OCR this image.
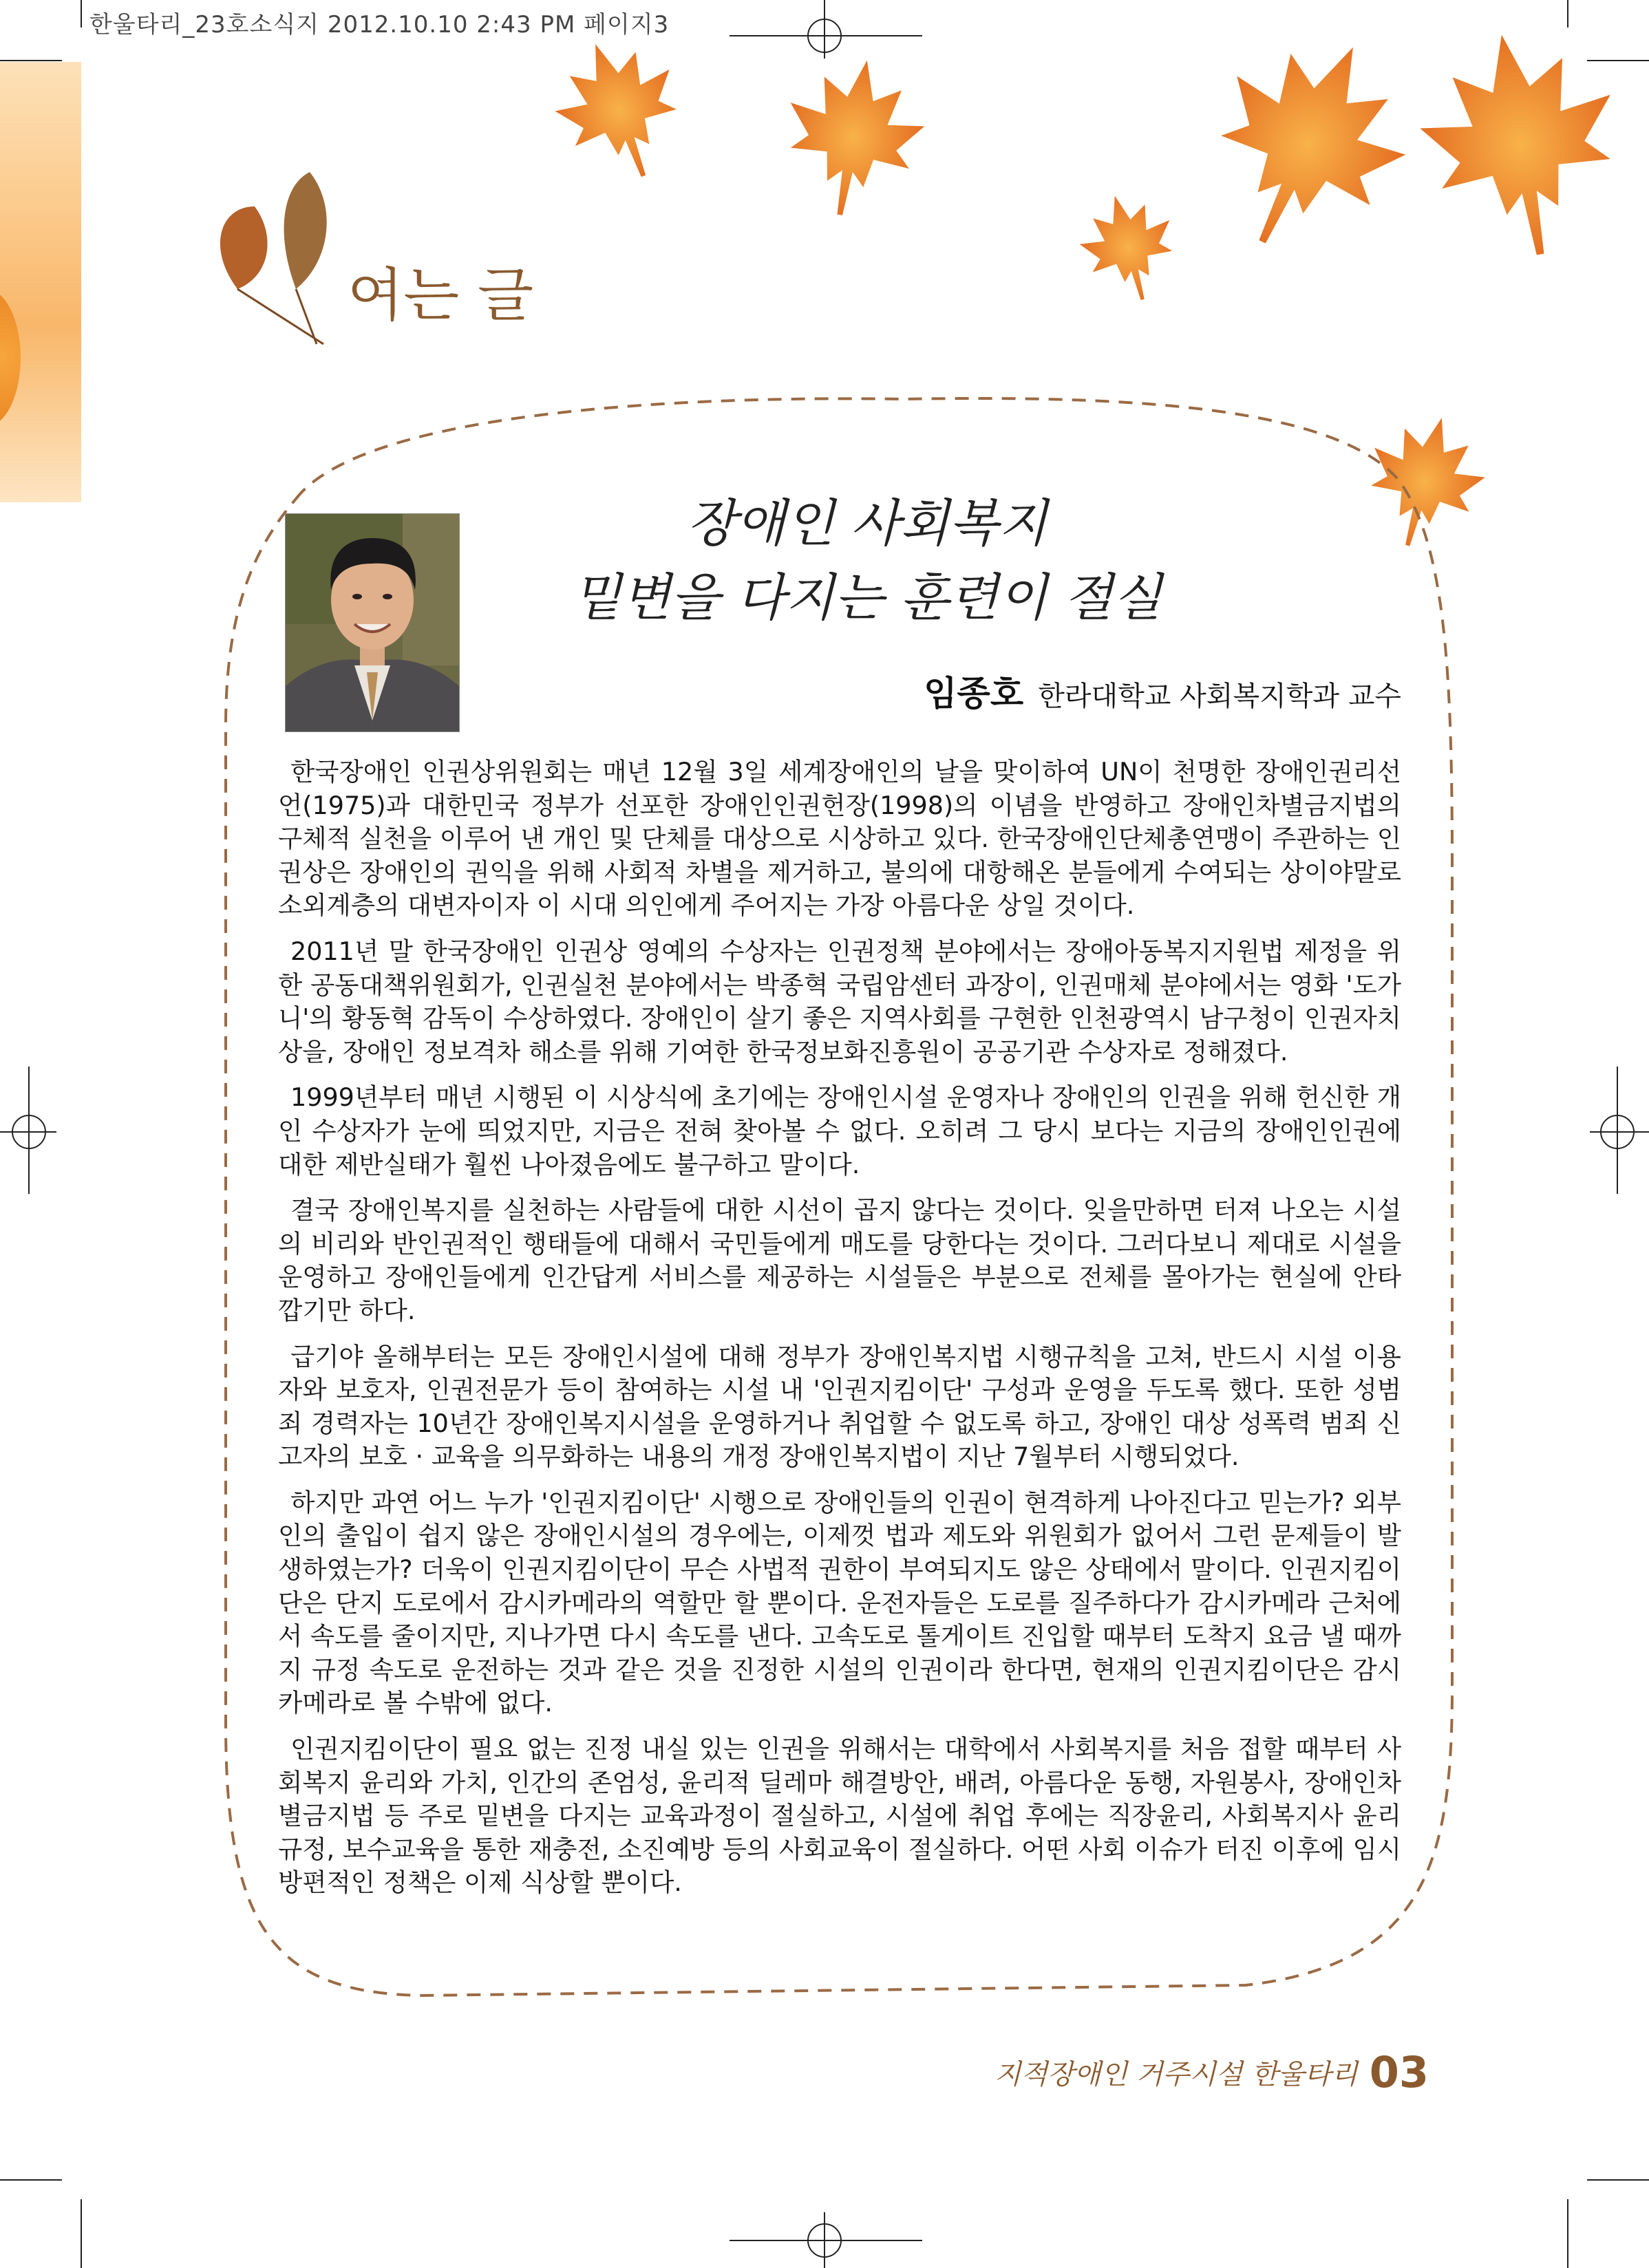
한울타리_23호소식지 2012.10.10 2:43 PM 페이지3
여는 글
장애인 사회복지
밑변을 다지는 훈련이 절실
임종호 한라대학교 사회복지학과 교수

한국장애인 인권상위원회는 매년 12월 3일 세계장애인의 날을 맞이하여 UN이 천명한 장애인권리선언(1975)과 대한민국 정부가 선포한 장애인인권헌장(1998)의 이념을 반영하고 장애인차별금지법의 구체적 실천을 이루어 낸 개인 및 단체를 대상으로 시상하고 있다. 한국장애인단체총연맹이 주관하는 인권상은 장애인의 권익을 위해 사회적 차별을 제거하고, 불의에 대항해온 분들에게 수여되는 상이야말로 소외계층의 대변자이자 이 시대 의인에게 주어지는 가장 아름다운 상일 것이다.

2011년 말 한국장애인 인권상 영예의 수상자는 인권정책 분야에서는 장애아동복지지원법 제정을 위한 공동대책위원회가, 인권실천 분야에서는 박종혁 국립암센터 과장이, 인권매체 분야에서는 영화 '도가니'의 황동혁 감독이 수상하였다. 장애인이 살기 좋은 지역사회를 구현한 인천광역시 남구청이 인권자치상을, 장애인 정보격차 해소를 위해 기여한 한국정보화진흥원이 공공기관 수상자로 정해졌다.

1999년부터 매년 시행된 이 시상식에 초기에는 장애인시설 운영자나 장애인의 인권을 위해 헌신한 개인 수상자가 눈에 띄었지만, 지금은 전혀 찾아볼 수 없다. 오히려 그 당시 보다는 지금의 장애인인권에 대한 제반실태가 훨씬 나아졌음에도 불구하고 말이다.

결국 장애인복지를 실천하는 사람들에 대한 시선이 곱지 않다는 것이다. 잊을만하면 터져 나오는 시설의 비리와 반인권적인 행태들에 대해서 국민들에게 매도를 당한다는 것이다. 그러다보니 제대로 시설을 운영하고 장애인들에게 인간답게 서비스를 제공하는 시설들은 부분으로 전체를 몰아가는 현실에 안타깝기만 하다.

급기야 올해부터는 모든 장애인시설에 대해 정부가 장애인복지법 시행규칙을 고쳐, 반드시 시설 이용자와 보호자, 인권전문가 등이 참여하는 시설 내 '인권지킴이단' 구성과 운영을 두도록 했다. 또한 성범죄 경력자는 10년간 장애인복지시설을 운영하거나 취업할 수 없도록 하고, 장애인 대상 성폭력 범죄 신고자의 보호 · 교육을 의무화하는 내용의 개정 장애인복지법이 지난 7월부터 시행되었다.

하지만 과연 어느 누가 '인권지킴이단' 시행으로 장애인들의 인권이 현격하게 나아진다고 믿는가? 외부인의 출입이 쉽지 않은 장애인시설의 경우에는, 이제껏 법과 제도와 위원회가 없어서 그런 문제들이 발생하였는가? 더욱이 인권지킴이단이 무슨 사법적 권한이 부여되지도 않은 상태에서 말이다. 인권지킴이단은 단지 도로에서 감시카메라의 역할만 할 뿐이다. 운전자들은 도로를 질주하다가 감시카메라 근처에서 속도를 줄이지만, 지나가면 다시 속도를 낸다. 고속도로 톨게이트 진입할 때부터 도착지 요금 낼 때까지 규정 속도로 운전하는 것과 같은 것을 진정한 시설의 인권이라 한다면, 현재의 인권지킴이단은 감시카메라로 볼 수밖에 없다.

인권지킴이단이 필요 없는 진정 내실 있는 인권을 위해서는 대학에서 사회복지를 처음 접할 때부터 사회복지 윤리와 가치, 인간의 존엄성, 윤리적 딜레마 해결방안, 배려, 아름다운 동행, 자원봉사, 장애인차별금지법 등 주로 밑변을 다지는 교육과정이 절실하고, 시설에 취업 후에는 직장윤리, 사회복지사 윤리규정, 보수교육을 통한 재충전, 소진예방 등의 사회교육이 절실하다. 어떤 사회 이슈가 터진 이후에 임시방편적인 정책은 이제 식상할 뿐이다.

지적장애인 거주시설 한울타리 03
